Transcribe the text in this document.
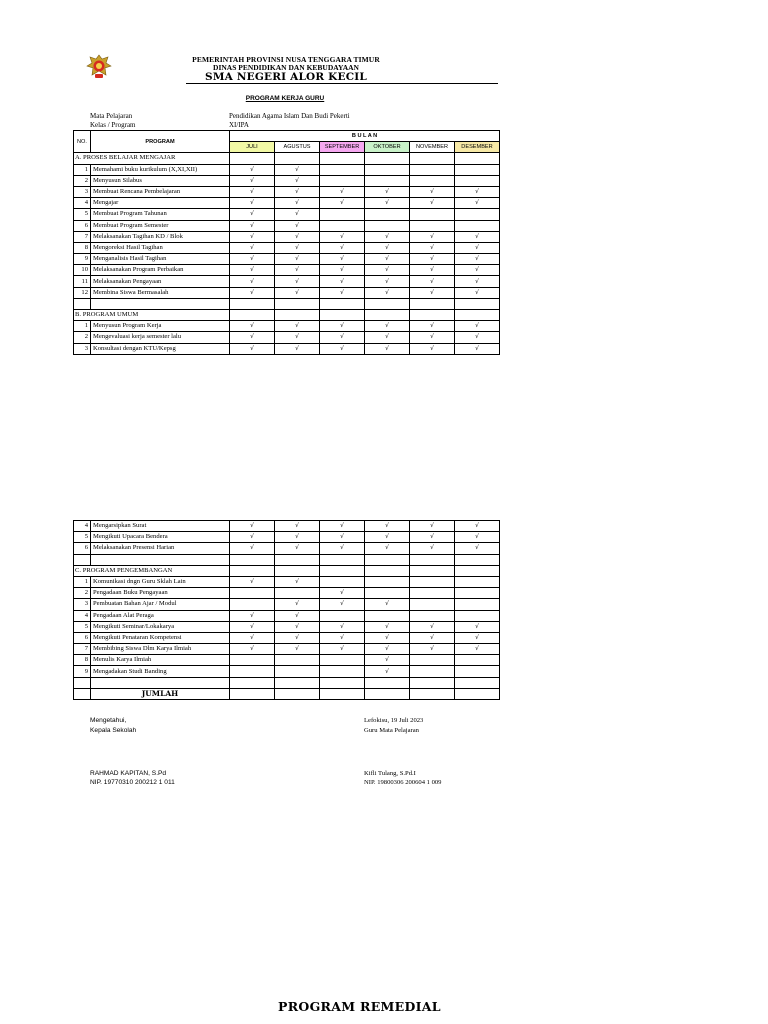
PEMERINTAH PROVINSI NUSA TENGGARA TIMUR
DINAS PENDIDIKAN DAN KEBUDAYAAN
SMA NEGERI ALOR KECIL
PROGRAM KERJA GURU
Mata Pelajaran	Pendidikan Agama Islam Dan Budi Pekerti
Kelas / Program	XI/IPA
NO.	PROGRAM	B U L A N					
		JULI	AGUSTUS	SEPTEMBER	OKTOBER	NOVEMBER	DESEMBER
A. PROSES BELAJAR MENGAJAR							
1	Memahami buku kurikulum (X,XI,XII)	√	√				
2	Menyusun Silabus	√	√				
3	Membuat Rencana Pembelajaran	√	√	√	√	√	√
4	Mengajar	√	√	√	√	√	√
5	Membuat Program Tahunan	√	√				
6	Membuat Program Semester	√	√				
7	Melaksanakan Tagihan KD / Blok	√	√	√	√	√	√
8	Mengoreksi Hasil Tagihan	√	√	√	√	√	√
9	Menganalisis Hasil Tagihan	√	√	√	√	√	√
10	Melaksanakan Program Perbaikan	√	√	√	√	√	√
11	Melaksanakan Pengayaan	√	√	√	√	√	√
12	Membina Siswa Bermasalah	√	√	√	√	√	√

B. PROGRAM UMUM							
1	Menyusun Program Kerja	√	√	√	√	√	√
2	Mengevaluasi kerja semester lalu	√	√	√	√	√	√
3	Konsultasi dengan KTU/Kepsg	√	√	√	√	√	√
4	Mengarsipkan Surat	√	√	√	√	√	√
5	Mengikuti Upacara Bendera	√	√	√	√	√	√
6	Melaksanakan Presensi Harian	√	√	√	√	√	√

C. PROGRAM PENGEMBANGAN							
1	Komunikasi dngn Guru Sklah Lain	√	√				
2	Pengadaan Buku Pengayaan			√			
3	Pembuatan Bahan Ajar / Modul		√	√	√		
4	Pengadaan Alat Peraga	√	√				
5	Mengikuti Seminar/Lokakarya	√	√	√	√	√	√
6	Mengikuti Penataran Kompetensi	√	√	√	√	√	√
7	Membibing Siswa Dlm Karya Ilmiah	√	√	√	√	√	√
8	Menulis Karya Ilmiah				√		
9	Mengadakan Studi Banding				√		

	JUMLAH						
Mengetahui,
Kepala Sekolah
Lefokisu, 19 Juli 2023
Guru Mata Pelajaran
RAHMAD KAPITAN, S.Pd
NIP. 19770310 200212 1 011
Kifli Tulang, S.Pd.I
NIP. 19800306 200604 1 009
PROGRAM REMEDIAL
